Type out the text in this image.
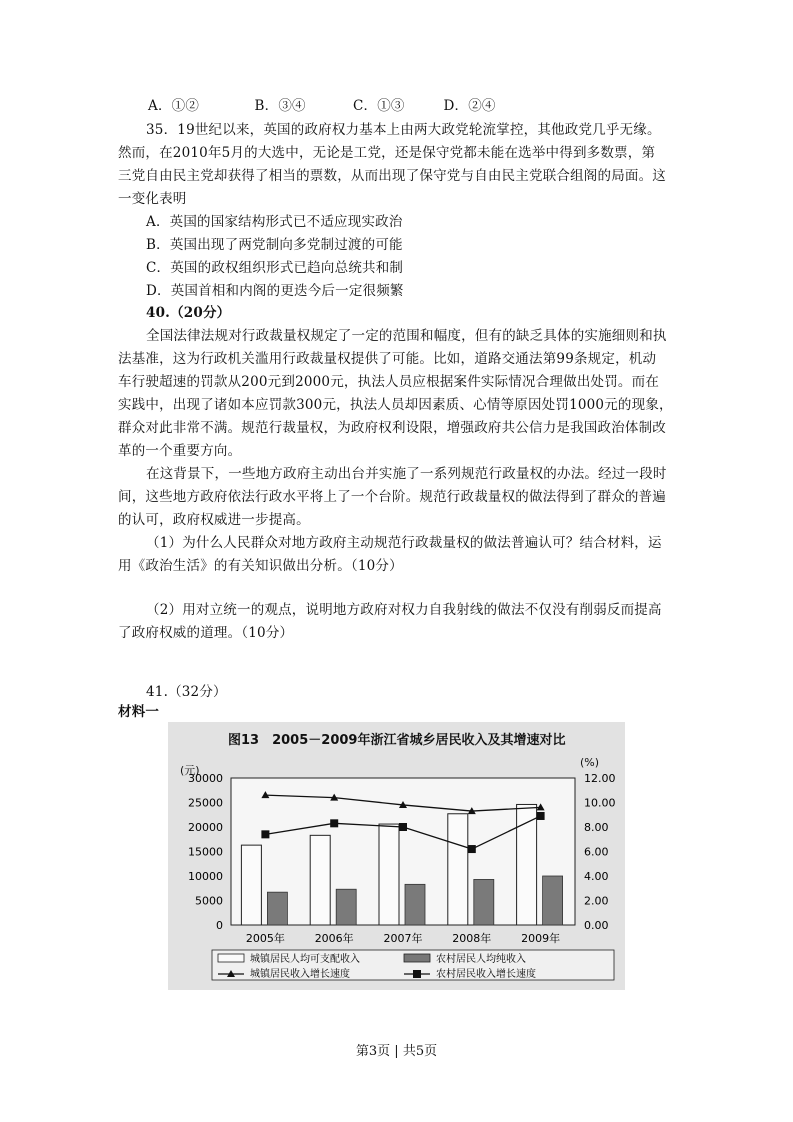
A．①②	B．③④	C．①③	D．②④
35．19世纪以来，英国的政府权力基本上由两大政党轮流掌控，其他政党几乎无缘。
然而，在2010年5月的大选中，无论是工党，还是保守党都未能在选举中得到多数票，第
三党自由民主党却获得了相当的票数，从而出现了保守党与自由民主党联合组阁的局面。这
一变化表明
A．英国的国家结构形式已不适应现实政治
B．英国出现了两党制向多党制过渡的可能
C．英国的政权组织形式已趋向总统共和制
D．英国首相和内阁的更迭今后一定很频繁
40.（20分）
全国法律法规对行政裁量权规定了一定的范围和幅度，但有的缺乏具体的实施细则和执
法基准，这为行政机关滥用行政裁量权提供了可能。比如，道路交通法第99条规定，机动
车行驶超速的罚款从200元到2000元，执法人员应根据案件实际情况合理做出处罚。而在
实践中，出现了诸如本应罚款300元，执法人员却因素质、心情等原因处罚1000元的现象，
群众对此非常不满。规范行裁量权，为政府权利设限，增强政府共公信力是我国政治体制改
革的一个重要方向。
在这背景下，一些地方政府主动出台并实施了一系列规范行政量权的办法。经过一段时
间，这些地方政府依法行政水平将上了一个台阶。规范行政裁量权的做法得到了群众的普遍
的认可，政府权威进一步提高。
（1）为什么人民群众对地方政府主动规范行政裁量权的做法普遍认可？结合材料，运
用《政治生活》的有关知识做出分析。（10分）
（2）用对立统一的观点，说明地方政府对权力自我射线的做法不仅没有削弱反而提高
了政府权威的道理。（10分）
41.（32分）
材料一
图13　2005－2009年浙江省城乡居民收入及其增速对比
(元)
(%)
30000
25000
20000
15000
10000
5000
0
12.00
10.00
8.00
6.00
4.00
2.00
0.00
2005年	2006年	2007年	2008年	2009年
城镇居民人均可支配收入	农村居民人均纯收入
城镇居民收入增长速度	农村居民收入增长速度
第3页 | 共5页
